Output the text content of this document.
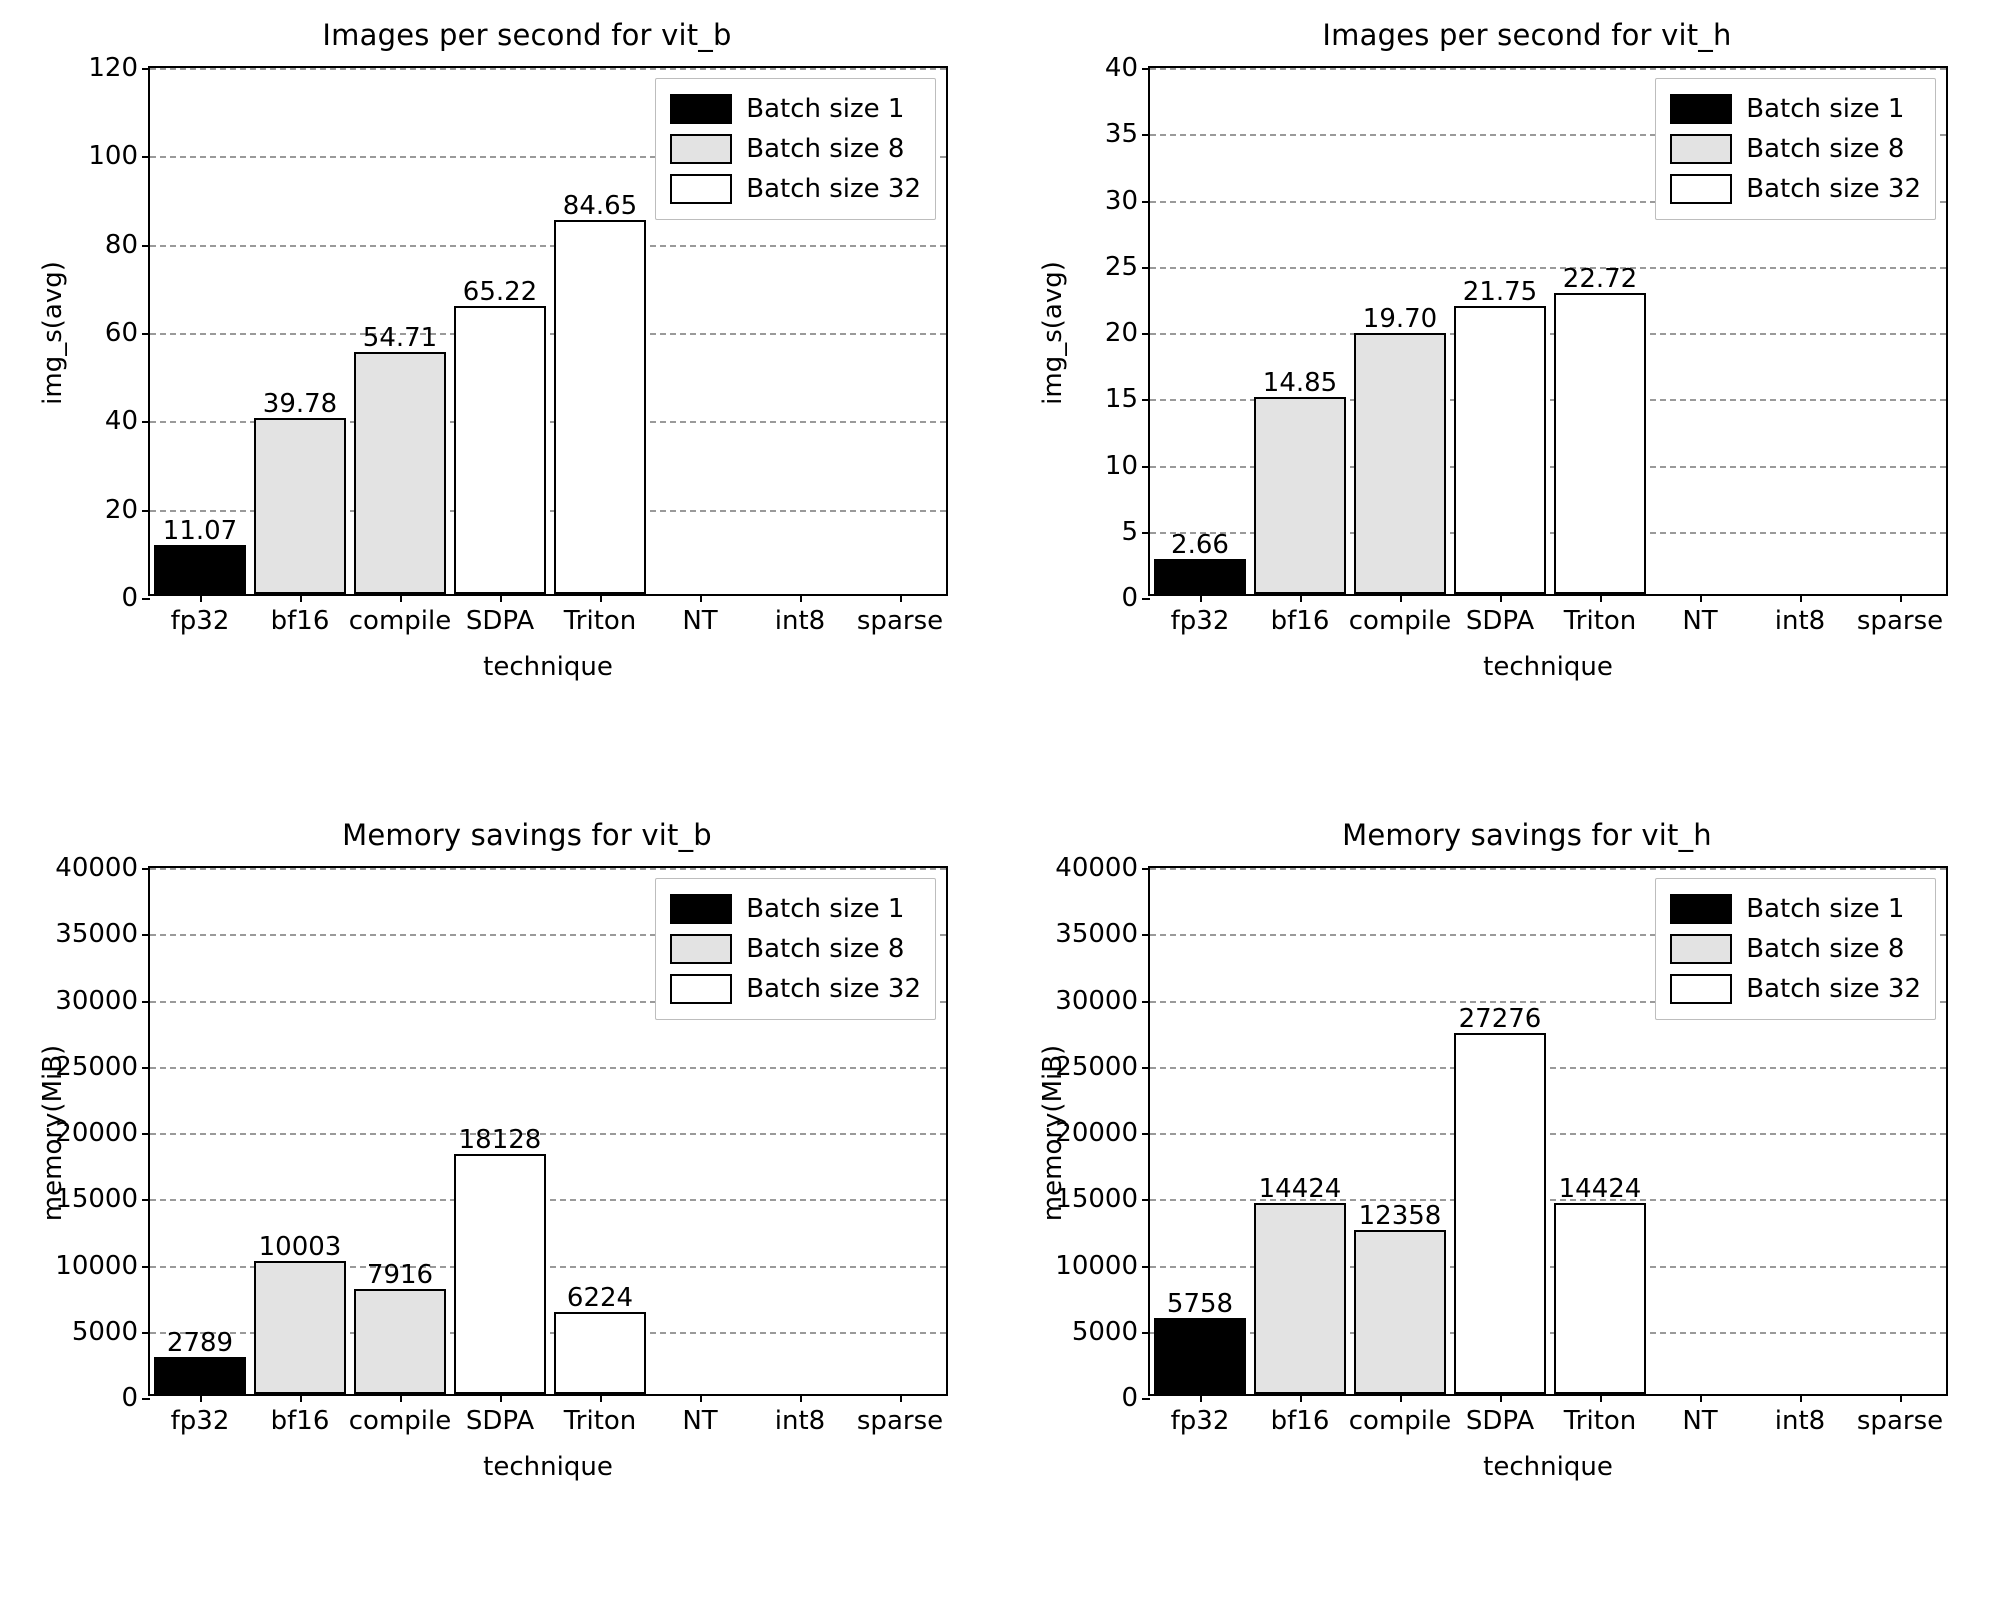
Images per second for vit_b
0
20
40
60
80
100
120
fp32
11.07
bf16
39.78
compile
54.71
SDPA
65.22
Triton
84.65
NT int8 sparse
technique
img_s(avg)
Batch size 1
Batch size 8
Batch size 32
Images per second for vit_h
0
5
10
15
20
25
30
35
40
fp32
2.66
bf16
14.85
compile
19.70
SDPA
21.75
Triton
22.72
NT int8 sparse
technique
img_s(avg)
Batch size 1
Batch size 8
Batch size 32
Memory savings for vit_b
0
5000
10000
15000
20000
25000
30000
35000
40000
fp32
2789
bf16
10003
compile
7916
SDPA
18128
Triton
6224
NT int8 sparse
technique
memory(MiB)
Batch size 1
Batch size 8
Batch size 32
Memory savings for vit_h
0
5000
10000
15000
20000
25000
30000
35000
40000
fp32
5758
bf16
14424
compile
12358
SDPA
27276
Triton
14424
NT int8 sparse
technique
memory(MiB)
Batch size 1
Batch size 8
Batch size 32
